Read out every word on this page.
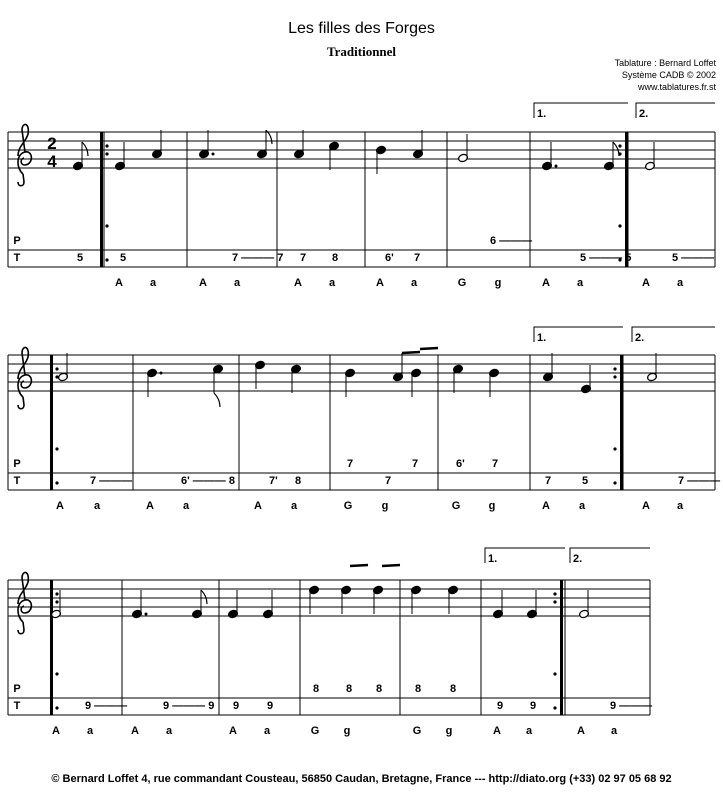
Les filles des Forges
Traditionnel
Tablature : Bernard Loffet
Système CADB © 2002
www.tablatures.fr.st
2
4
1.	2.
P
T
6 ———
5	5	7 ——— 7 7 8	6' 7	5 ——— 5	5 ———
A a	A a	A a	A a	G	g	A a	A a
1.	2.
P
T
7	7	6' 7
7 ———	6' ——— 8	7' 8	7	7	5	7 ———
A	a	A	a	A	a	G	g	G	g	A	a	A a
1.	2.
P
T
8 8 8	8	8
9 ———	9 ——— 9 9	9	9 9	9 ———
A a	A a	A a	G g	G g	A a	A a
© Bernard Loffet 4, rue commandant Cousteau, 56850 Caudan, Bretagne, France --- http://diato.org (+33) 02 97 05 68 92
